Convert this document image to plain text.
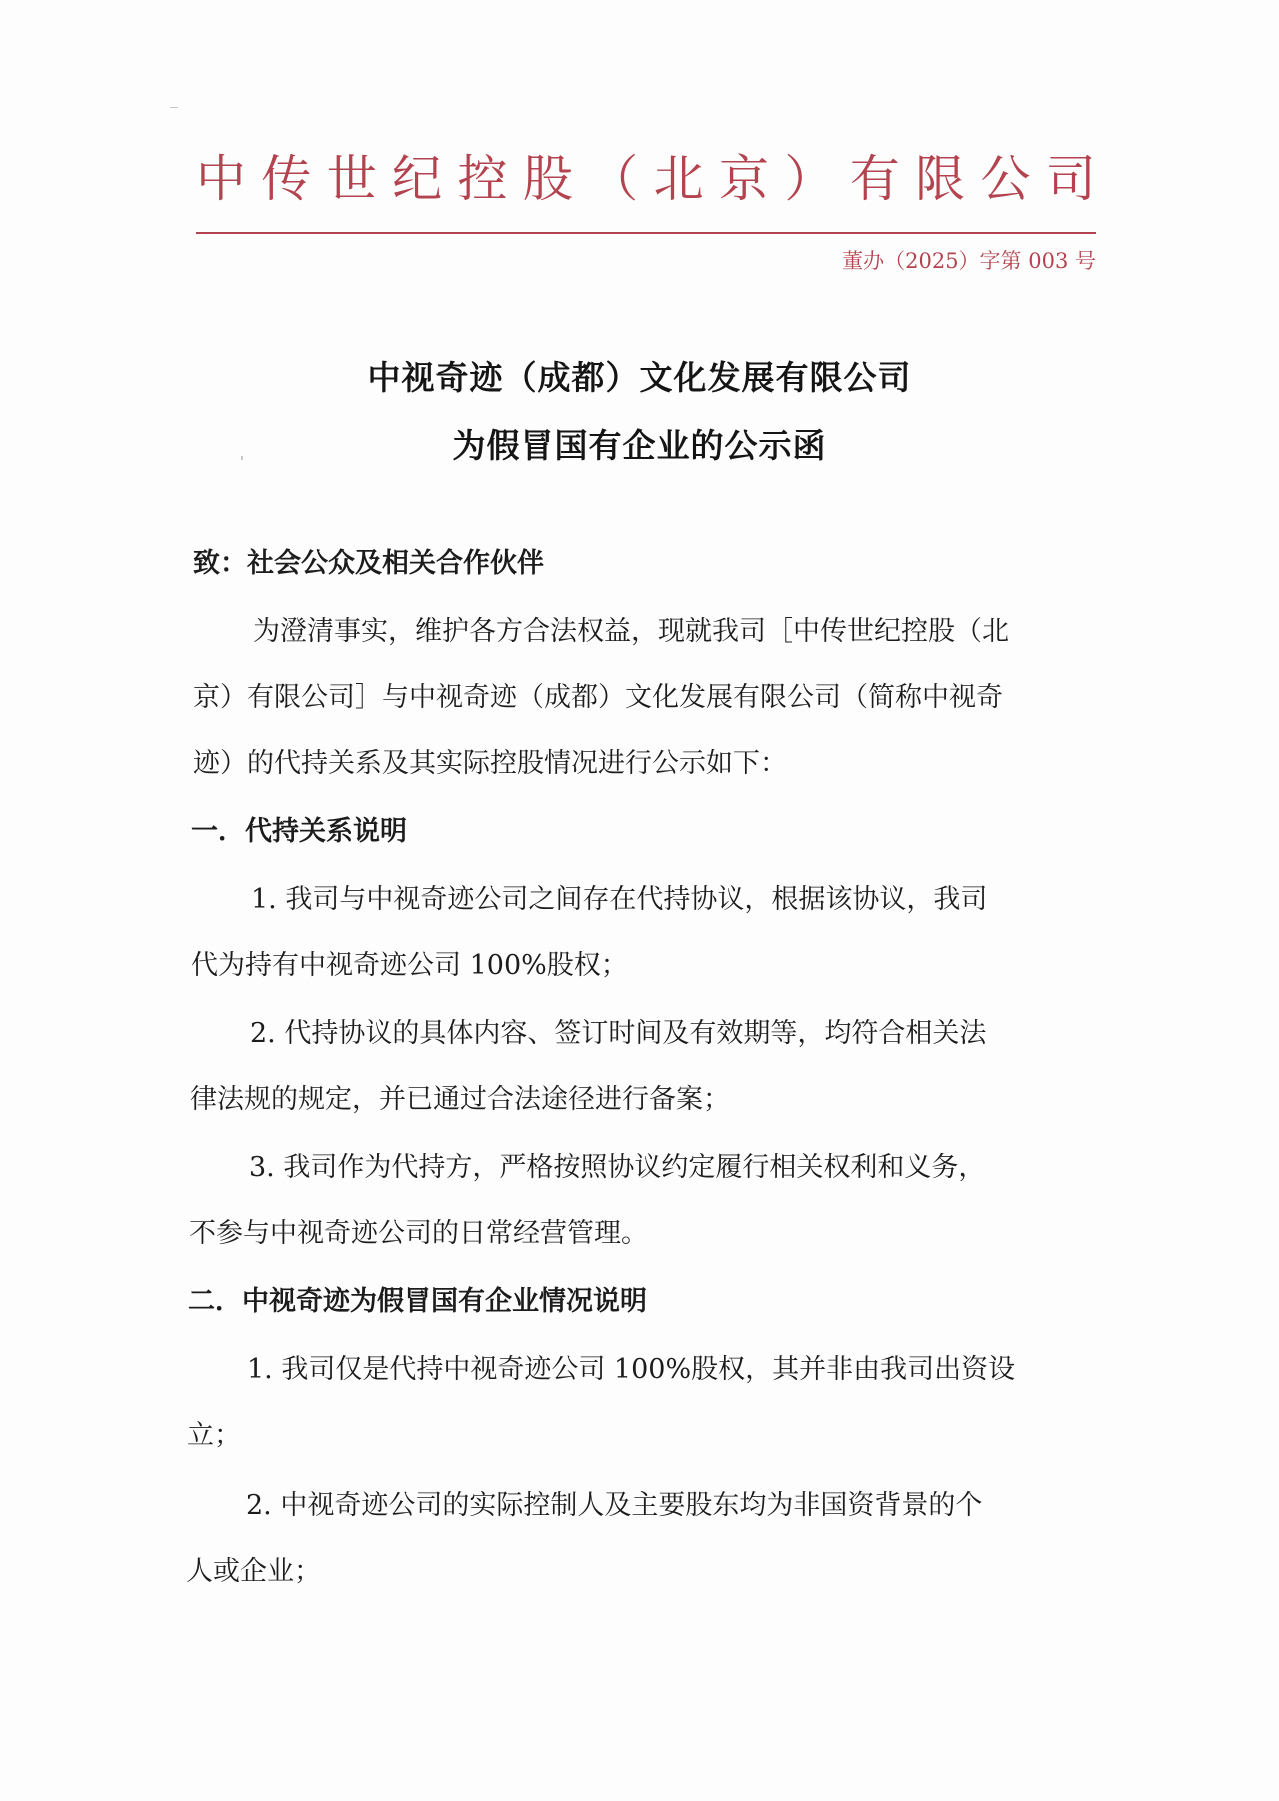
中 传 世 纪 控 股 （ 北 京 ） 有 限 公 司
董办（2025）字第 003 号
中视奇迹（成都）文化发展有限公司
为假冒国有企业的公示函
致：社会公众及相关合作伙伴
为澄清事实，维护各方合法权益，现就我司［中传世纪控股（北
京）有限公司］与中视奇迹（成都）文化发展有限公司（简称中视奇
迹）的代持关系及其实际控股情况进行公示如下：
一．代持关系说明
1. 我司与中视奇迹公司之间存在代持协议，根据该协议，我司
代为持有中视奇迹公司 100%股权；
2. 代持协议的具体内容、签订时间及有效期等，均符合相关法
律法规的规定，并已通过合法途径进行备案；
3. 我司作为代持方，严格按照协议约定履行相关权利和义务，
不参与中视奇迹公司的日常经营管理。
二．中视奇迹为假冒国有企业情况说明
1. 我司仅是代持中视奇迹公司 100%股权，其并非由我司出资设
立；
2. 中视奇迹公司的实际控制人及主要股东均为非国资背景的个
人或企业；
